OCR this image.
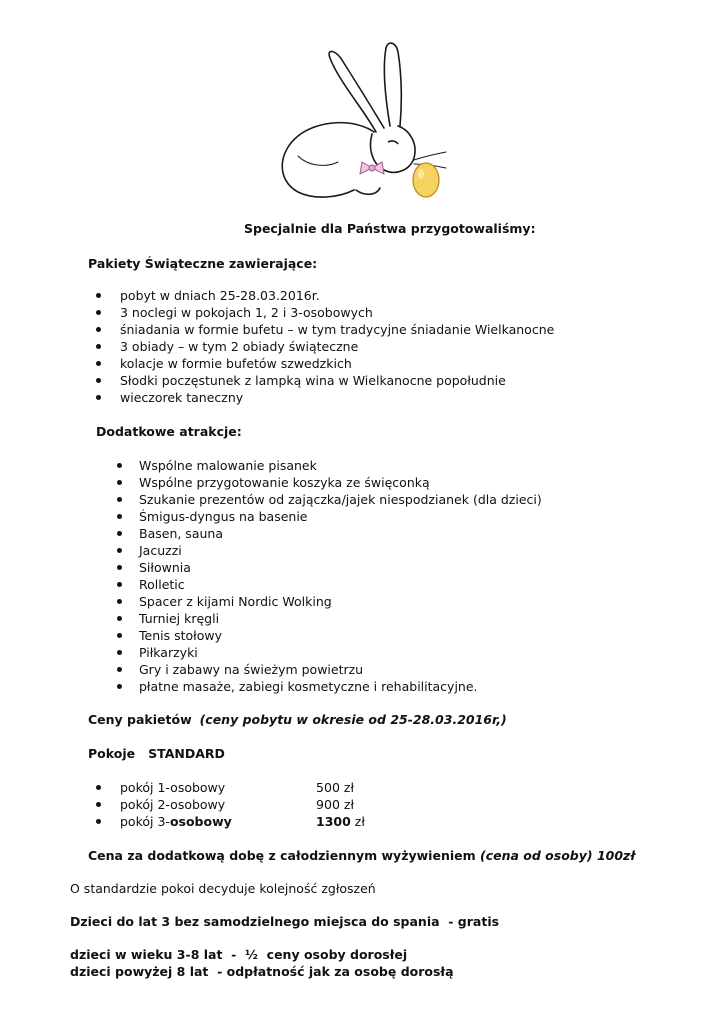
Specjalnie dla Państwa przygotowaliśmy:
Pakiety Świąteczne zawierające:
pobyt w dniach 25-28.03.2016r.
3 noclegi w pokojach 1, 2 i 3-osobowych
śniadania w formie bufetu – w tym tradycyjne śniadanie Wielkanocne
3 obiady – w tym 2 obiady świąteczne
kolacje w formie bufetów szwedzkich
Słodki poczęstunek z lampką wina w Wielkanocne popołudnie
wieczorek taneczny
Dodatkowe atrakcje:
Wspólne malowanie pisanek
Wspólne przygotowanie koszyka ze święconką
Szukanie prezentów od zajączka/jajek niespodzianek (dla dzieci)
Śmigus-dyngus na basenie
Basen, sauna
Jacuzzi
Siłownia
Rolletic
Spacer z kijami Nordic Wolking
Turniej kręgli
Tenis stołowy
Piłkarzyki
Gry i zabawy na świeżym powietrzu
płatne masaże, zabiegi kosmetyczne i rehabilitacyjne.
Ceny pakietów (ceny pobytu w okresie od 25-28.03.2016r,)
Pokoje   STANDARD
pokój 1-osobowy	500 zł
pokój 2-osobowy	900 zł
pokój 3-osobowy	1300 zł
Cena za dodatkową dobę z całodziennym wyżywieniem (cena od osoby) 100zł
O standardzie pokoi decyduje kolejność zgłoszeń
Dzieci do lat 3 bez samodzielnego miejsca do spania  - gratis
dzieci w wieku 3-8 lat  -  ½  ceny osoby dorosłej
dzieci powyżej 8 lat  - odpłatność jak za osobę dorosłą
